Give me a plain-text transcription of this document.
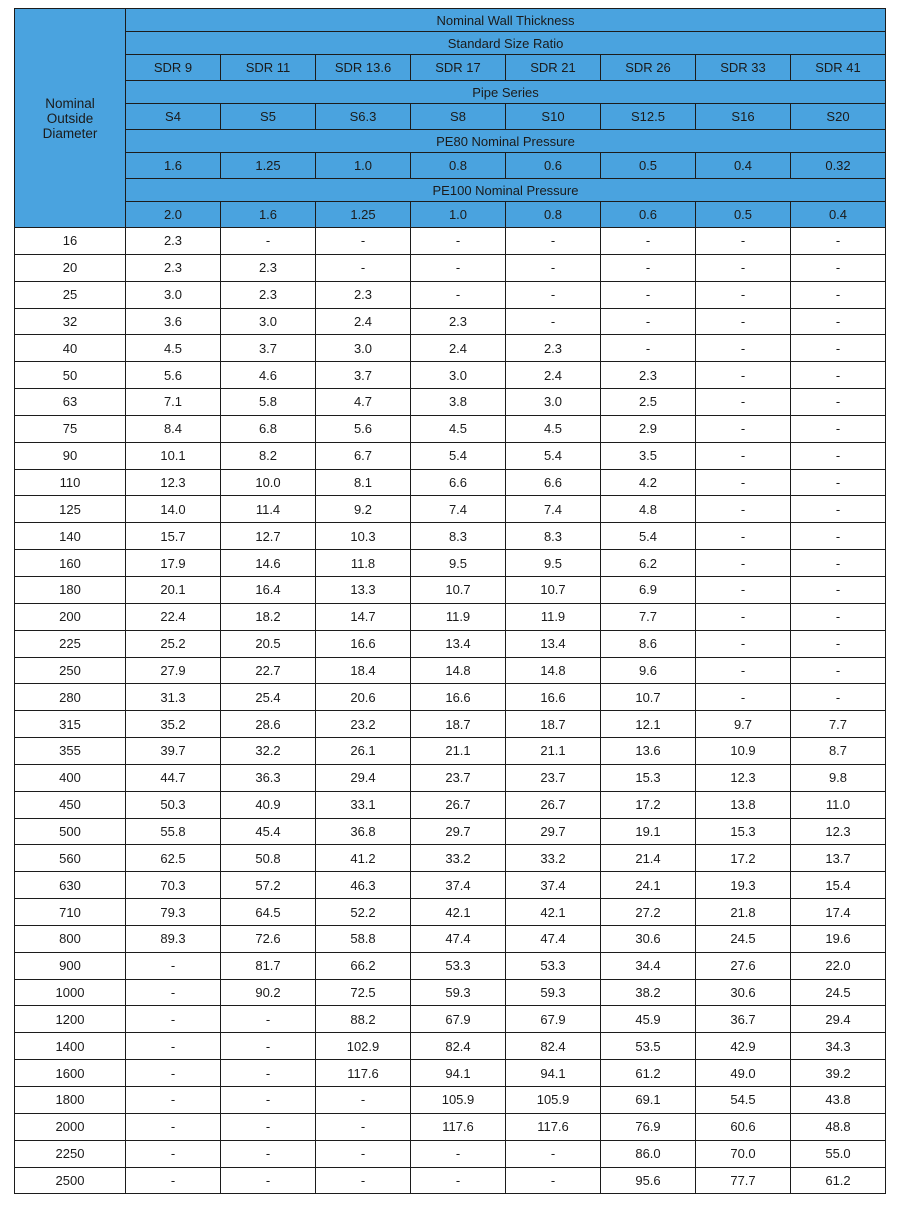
Nominal
Outside
Diameter	Nominal Wall Thickness							
	Standard Size Ratio							
	SDR 9	SDR 11	SDR 13.6	SDR 17	SDR 21	SDR 26	SDR 33	SDR 41
	Pipe Series							
	S4	S5	S6.3	S8	S10	S12.5	S16	S20
	PE80 Nominal Pressure							
	1.6	1.25	1.0	0.8	0.6	0.5	0.4	0.32
	PE100 Nominal Pressure							
	2.0	1.6	1.25	1.0	0.8	0.6	0.5	0.4
16	2.3	-	-	-	-	-	-	-
20	2.3	2.3	-	-	-	-	-	-
25	3.0	2.3	2.3	-	-	-	-	-
32	3.6	3.0	2.4	2.3	-	-	-	-
40	4.5	3.7	3.0	2.4	2.3	-	-	-
50	5.6	4.6	3.7	3.0	2.4	2.3	-	-
63	7.1	5.8	4.7	3.8	3.0	2.5	-	-
75	8.4	6.8	5.6	4.5	4.5	2.9	-	-
90	10.1	8.2	6.7	5.4	5.4	3.5	-	-
110	12.3	10.0	8.1	6.6	6.6	4.2	-	-
125	14.0	11.4	9.2	7.4	7.4	4.8	-	-
140	15.7	12.7	10.3	8.3	8.3	5.4	-	-
160	17.9	14.6	11.8	9.5	9.5	6.2	-	-
180	20.1	16.4	13.3	10.7	10.7	6.9	-	-
200	22.4	18.2	14.7	11.9	11.9	7.7	-	-
225	25.2	20.5	16.6	13.4	13.4	8.6	-	-
250	27.9	22.7	18.4	14.8	14.8	9.6	-	-
280	31.3	25.4	20.6	16.6	16.6	10.7	-	-
315	35.2	28.6	23.2	18.7	18.7	12.1	9.7	7.7
355	39.7	32.2	26.1	21.1	21.1	13.6	10.9	8.7
400	44.7	36.3	29.4	23.7	23.7	15.3	12.3	9.8
450	50.3	40.9	33.1	26.7	26.7	17.2	13.8	11.0
500	55.8	45.4	36.8	29.7	29.7	19.1	15.3	12.3
560	62.5	50.8	41.2	33.2	33.2	21.4	17.2	13.7
630	70.3	57.2	46.3	37.4	37.4	24.1	19.3	15.4
710	79.3	64.5	52.2	42.1	42.1	27.2	21.8	17.4
800	89.3	72.6	58.8	47.4	47.4	30.6	24.5	19.6
900	-	81.7	66.2	53.3	53.3	34.4	27.6	22.0
1000	-	90.2	72.5	59.3	59.3	38.2	30.6	24.5
1200	-	-	88.2	67.9	67.9	45.9	36.7	29.4
1400	-	-	102.9	82.4	82.4	53.5	42.9	34.3
1600	-	-	117.6	94.1	94.1	61.2	49.0	39.2
1800	-	-	-	105.9	105.9	69.1	54.5	43.8
2000	-	-	-	117.6	117.6	76.9	60.6	48.8
2250	-	-	-	-	-	86.0	70.0	55.0
2500	-	-	-	-	-	95.6	77.7	61.2
